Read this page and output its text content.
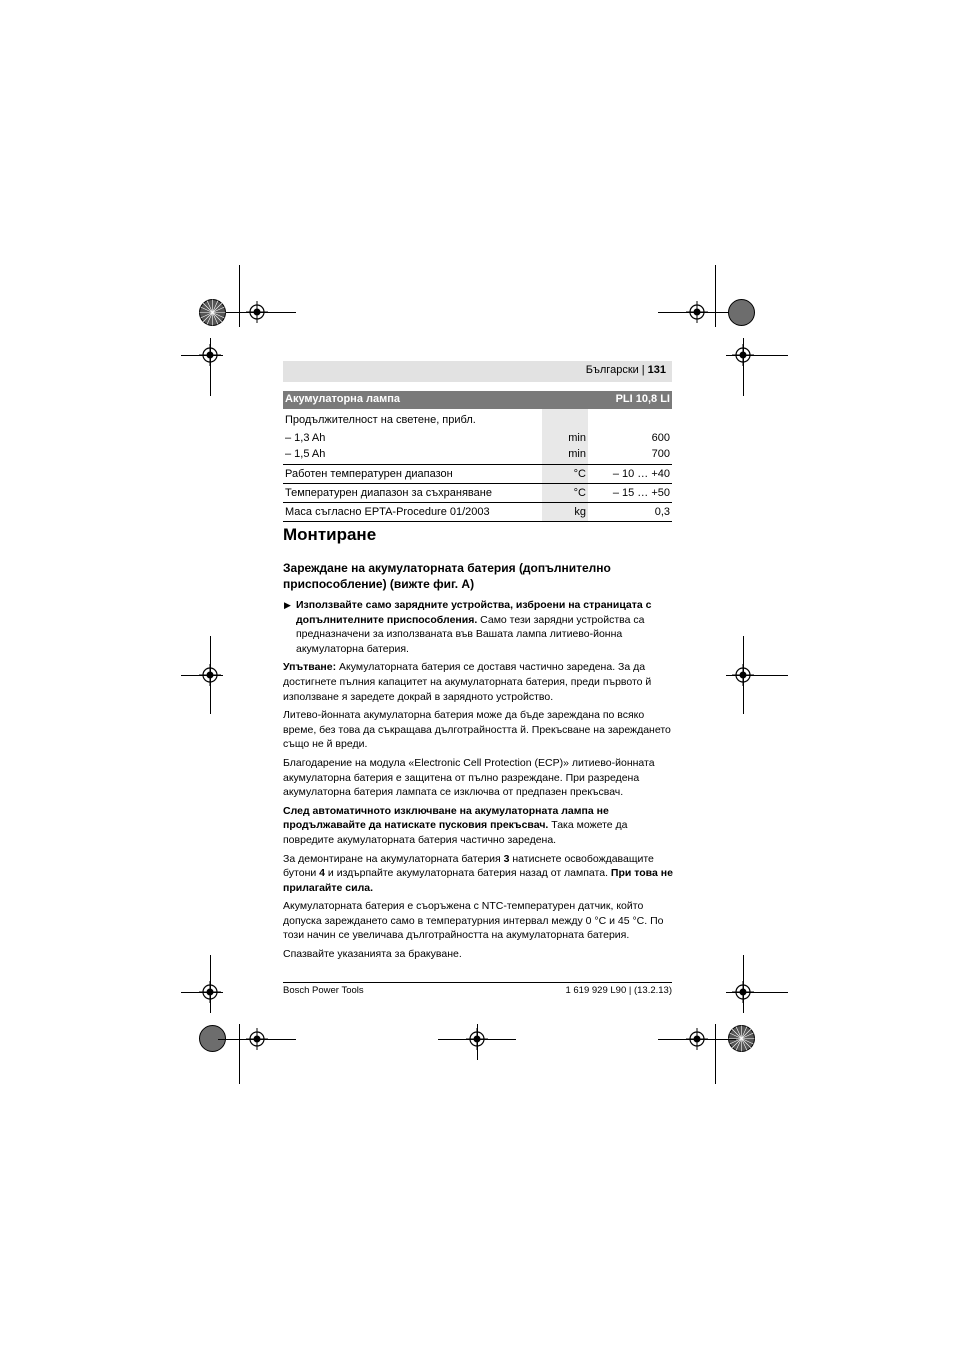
Български | 131
Акумулаторна лампа		PLI 10,8 LI
Продължителност на светене, прибл.		
– 1,3 Ah	min	600
– 1,5 Ah	min	700
Работен температурен диапазон	°C	– 10 … +40
Температурен диапазон за съхраняване	°C	– 15 … +50
Маса съгласно EPTA-Procedure 01/2003	kg	0,3
Монтиране
Зареждане на акумулаторната батерия (допълнително приспособление) (вижте фиг. A)

▶ Използвайте само зарядните устройства, изброени на страницата с допълнителните приспособления. Само тези зарядни устройства са предназначени за използваната във Вашата лампа литиево-йонна акумулаторна батерия.

Упътване: Акумулаторната батерия се доставя частично заредена. За да достигнете пълния капацитет на акумулаторната батерия, преди първото й използване я заредете докрай в зарядното устройство.

Литево-йонната акумулаторна батерия може да бъде зареждана по всяко време, без това да съкращава дълготрайността й. Прекъсване на зареждането също не й вреди.

Благодарение на модула «Electronic Cell Protection (ECP)» литиево-йонната акумулаторна батерия е защитена от пълно разреждане. При разредена акумулаторна батерия лампата се изключва от предпазен прекъсвач.

След автоматичното изключване на акумулаторната лампа не продължавайте да натискате пусковия прекъсвач. Така можете да повредите акумулаторната батерия частично заредена.

За демонтиране на акумулаторната батерия 3 натиснете освобождаващите бутони 4 и издърпайте акумулаторната батерия назад от лампата. При това не прилагайте сила.

Акумулаторната батерия е съоръжена с NTC-температурен датчик, който допуска зареждането само в температурния интервал между 0 °C и 45 °C. По този начин се увеличава дълготрайността на акумулаторната батерия.

Спазвайте указанията за бракуване.

Bosch Power Tools	1 619 929 L90 | (13.2.13)
